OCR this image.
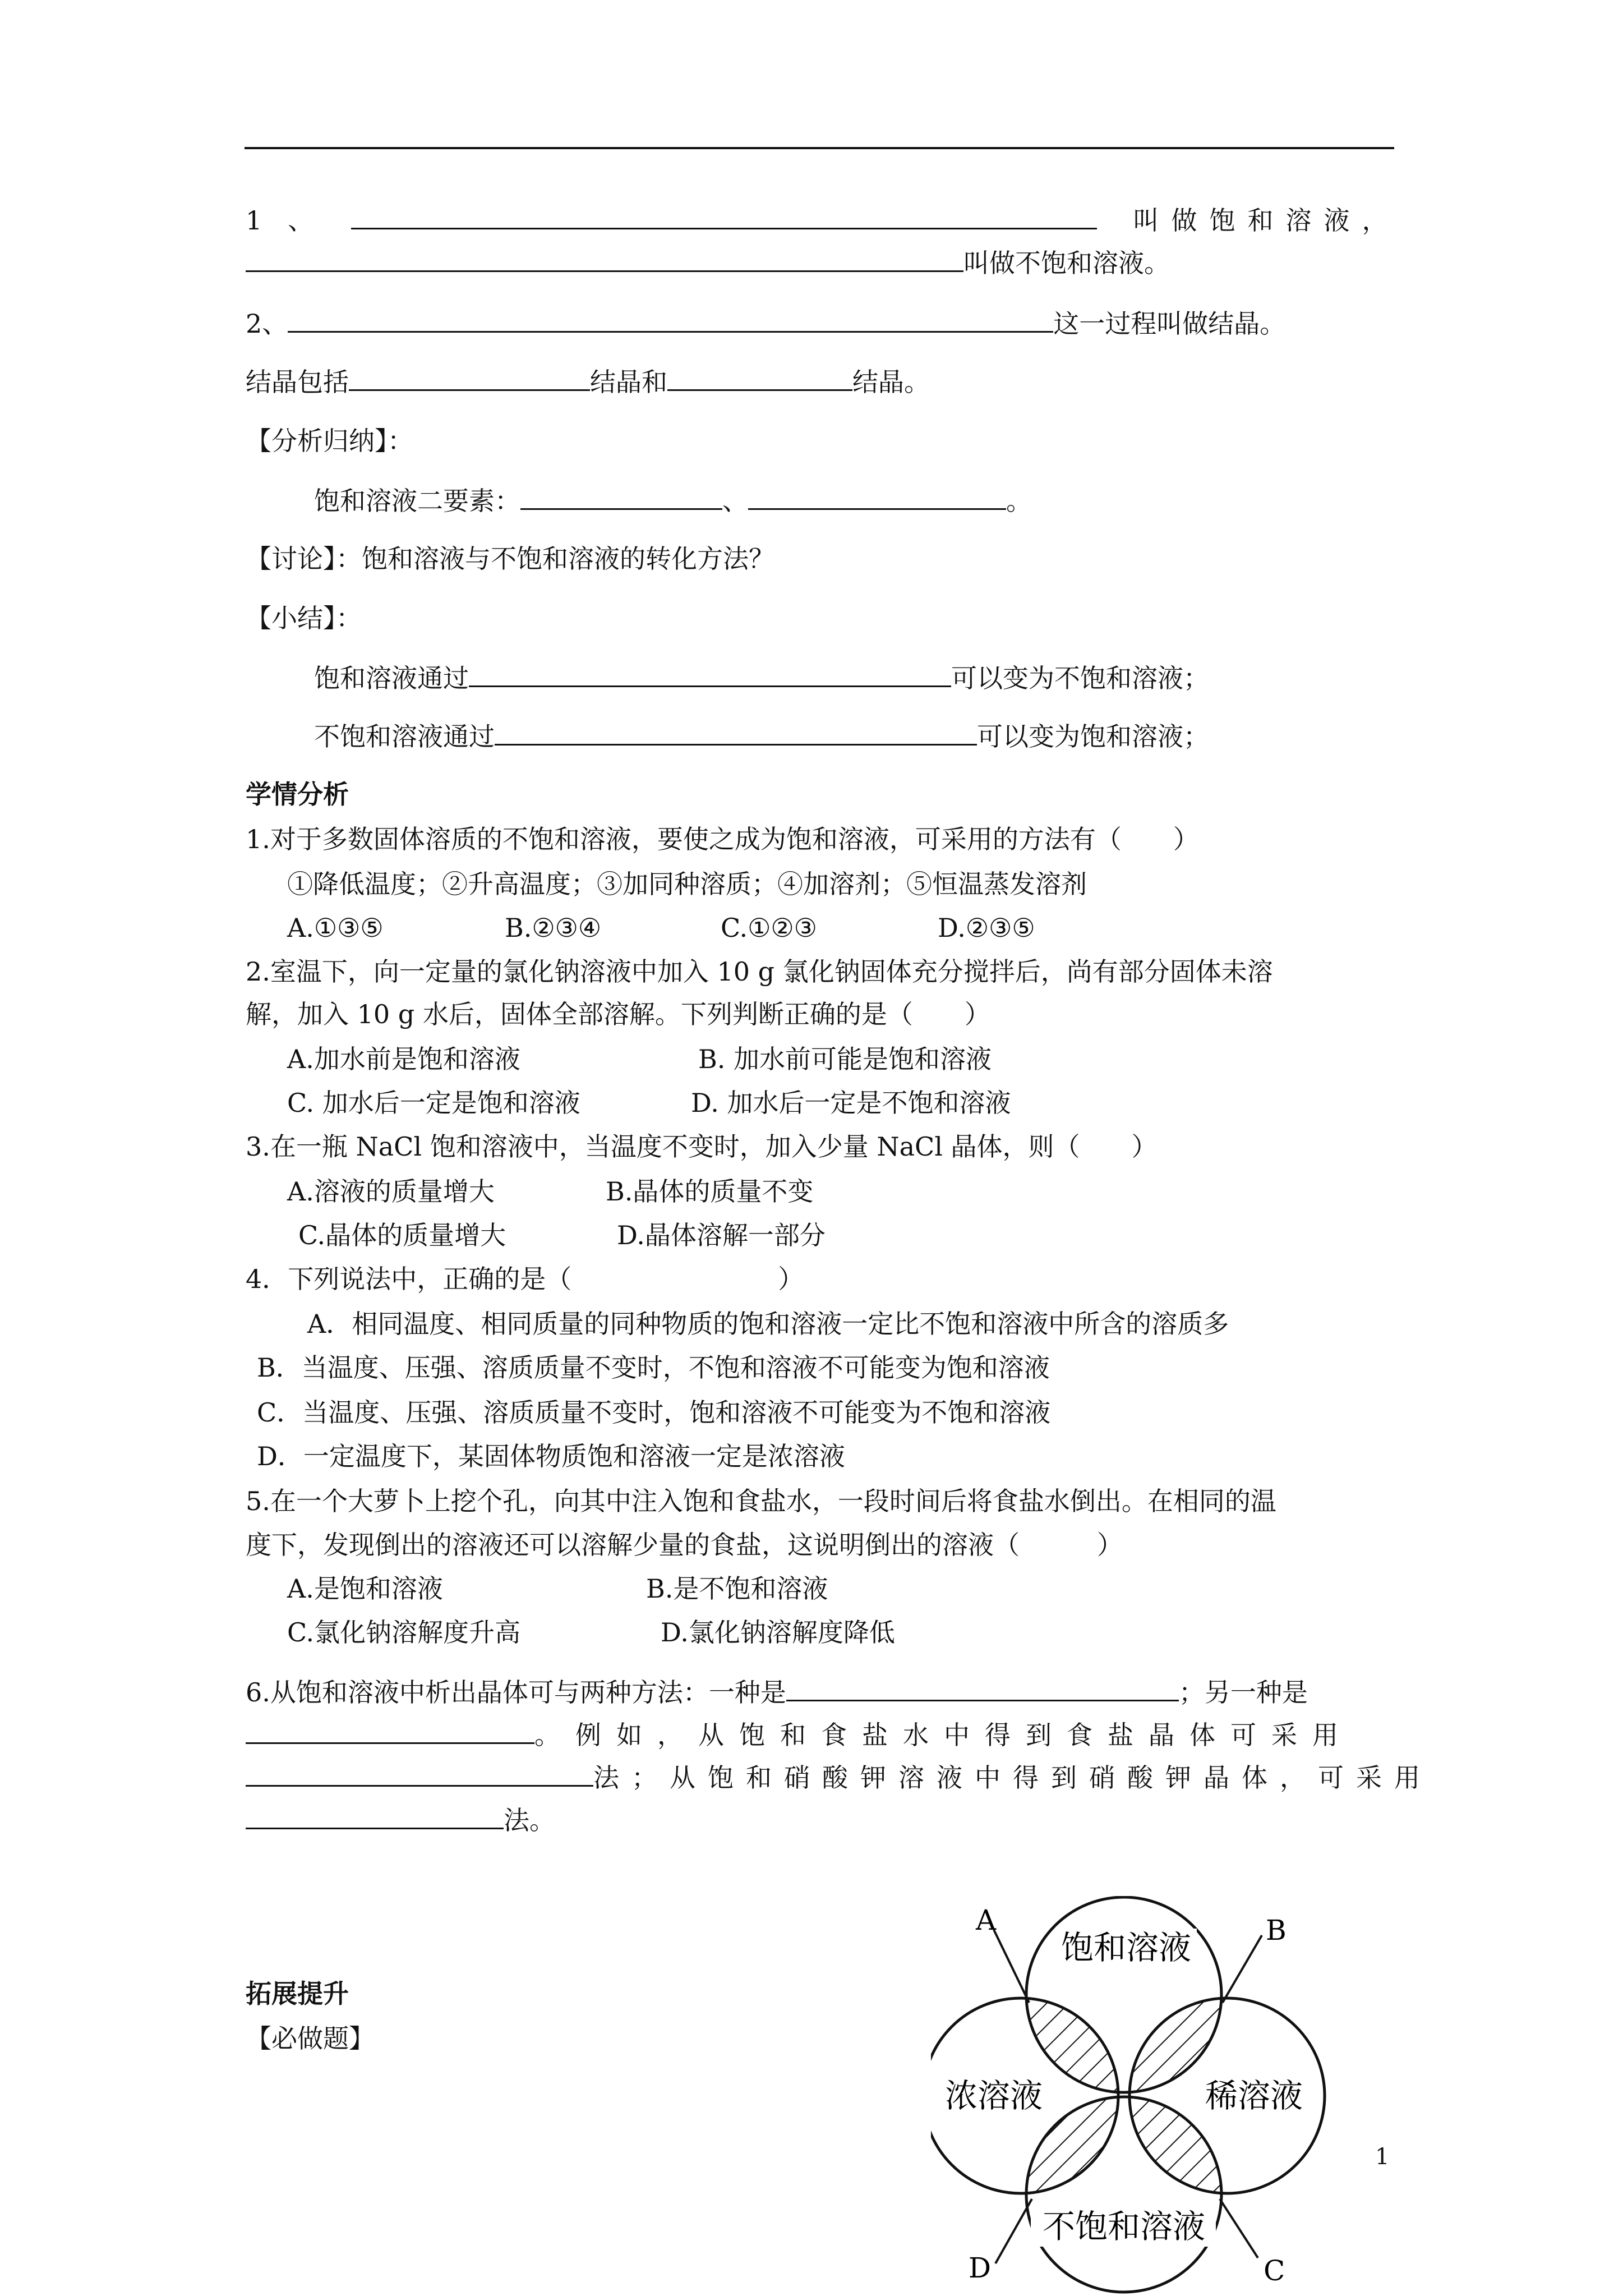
1　、	叫做饱和溶液，
叫做不饱和溶液。
2、	这一过程叫做结晶。
结晶包括	结晶和	结晶。
【分析归纳】：
饱和溶液二要素：	、	。
【讨论】：饱和溶液与不饱和溶液的转化方法？
【小结】：
饱和溶液通过	可以变为不饱和溶液；
不饱和溶液通过	可以变为饱和溶液；
学情分析
1.对于多数固体溶质的不饱和溶液，要使之成为饱和溶液，可采用的方法有（　　）
①降低温度；②升高温度；③加同种溶质；④加溶剂；⑤恒温蒸发溶剂
A.①③⑤	B.②③④	C.①②③	D.②③⑤
2.室温下，向一定量的氯化钠溶液中加入 10 g 氯化钠固体充分搅拌后，尚有部分固体未溶
解，加入 10 g 水后，固体全部溶解。下列判断正确的是（　　）
A.加水前是饱和溶液	B. 加水前可能是饱和溶液
C. 加水后一定是饱和溶液	D. 加水后一定是不饱和溶液
3.在一瓶 NaCl 饱和溶液中，当温度不变时，加入少量 NaCl 晶体，则（　　）
A.溶液的质量增大	B.晶体的质量不变
C.晶体的质量增大	D.晶体溶解一部分
4．下列说法中，正确的是（　　　　　　　　）
A．相同温度、相同质量的同种物质的饱和溶液一定比不饱和溶液中所含的溶质多
B．当温度、压强、溶质质量不变时，不饱和溶液不可能变为饱和溶液
C．当温度、压强、溶质质量不变时，饱和溶液不可能变为不饱和溶液
D．一定温度下，某固体物质饱和溶液一定是浓溶液
5.在一个大萝卜上挖个孔，向其中注入饱和食盐水，一段时间后将食盐水倒出。在相同的温
度下，发现倒出的溶液还可以溶解少量的食盐，这说明倒出的溶液（　　　）
A.是饱和溶液	B.是不饱和溶液
C.氯化钠溶解度升高	D.氯化钠溶解度降低
6.从饱和溶液中析出晶体可与两种方法：一种是	；另一种是
。例如，从饱和食盐水中得到食盐晶体可采用
法；从饱和硝酸钾溶液中得到硝酸钾晶体，可采用
法。
拓展提升
【必做题】
饱和溶液
浓溶液	稀溶液
不饱和溶液
A	B
C
D
1
